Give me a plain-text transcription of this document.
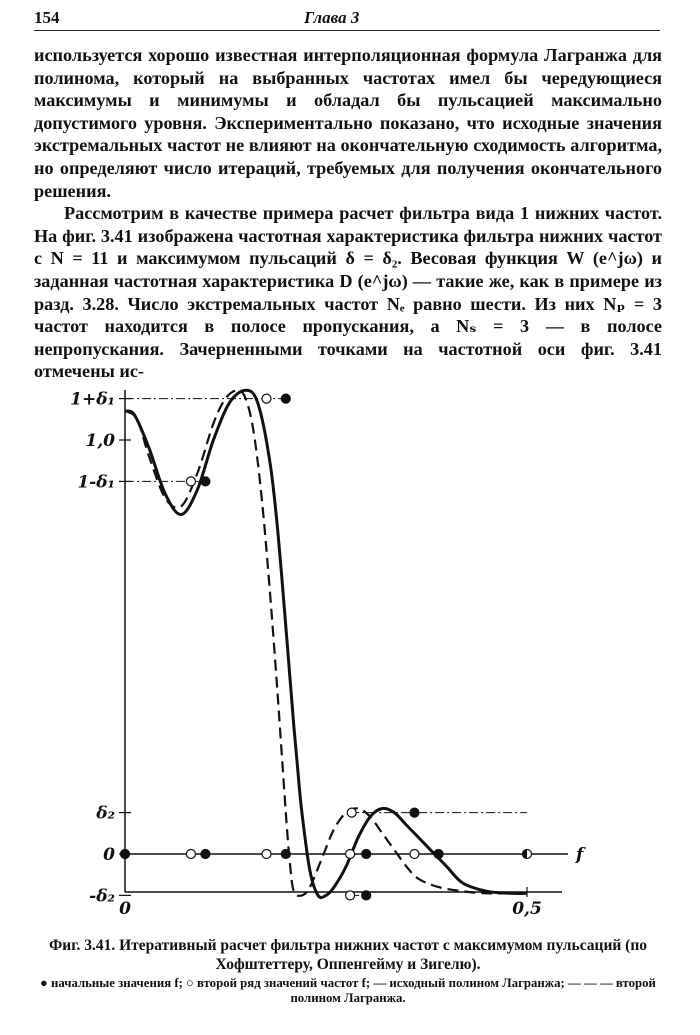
154	Глава 3

используется хорошо известная интерполяционная формула Лагранжа для полинома, который на выбранных частотах имел бы чередующиеся максимумы и минимумы и обладал бы пульсацией максимально допустимого уровня. Экспериментально показано, что исходные значения экстремальных частот не влияют на окончательную сходимость алгоритма, но определяют число итераций, требуемых для получения окончательного решения.

Рассмотрим в качестве примера расчет фильтра вида 1 нижних частот. На фиг. 3.41 изображена частотная характеристика фильтра нижних частот с N = 11 и максимумом пульсаций δ = δ₂. Весовая функция W (e^jω) и заданная частотная характеристика D (e^jω) — такие же, как в примере из разд. 3.28. Число экстремальных частот Nₑ равно шести. Из них Nₚ = 3 частот находится в полосе пропускания, а Nₛ = 3 — в полосе непропускания. Зачерненными точками на частотной оси фиг. 3.41 отмечены ис-

1+δ₁
1,0
1-δ₁
δ₂
0
-δ₂
0	0,5
f
Фиг. 3.41. Итеративный расчет фильтра нижних частот с максимумом пульсаций (по Хофштеттеру, Оппенгейму и Зигелю).
● начальные значения f; ○ второй ряд значений частот f; — исходный полином Лагранжа; — — — второй полином Лагранжа.
